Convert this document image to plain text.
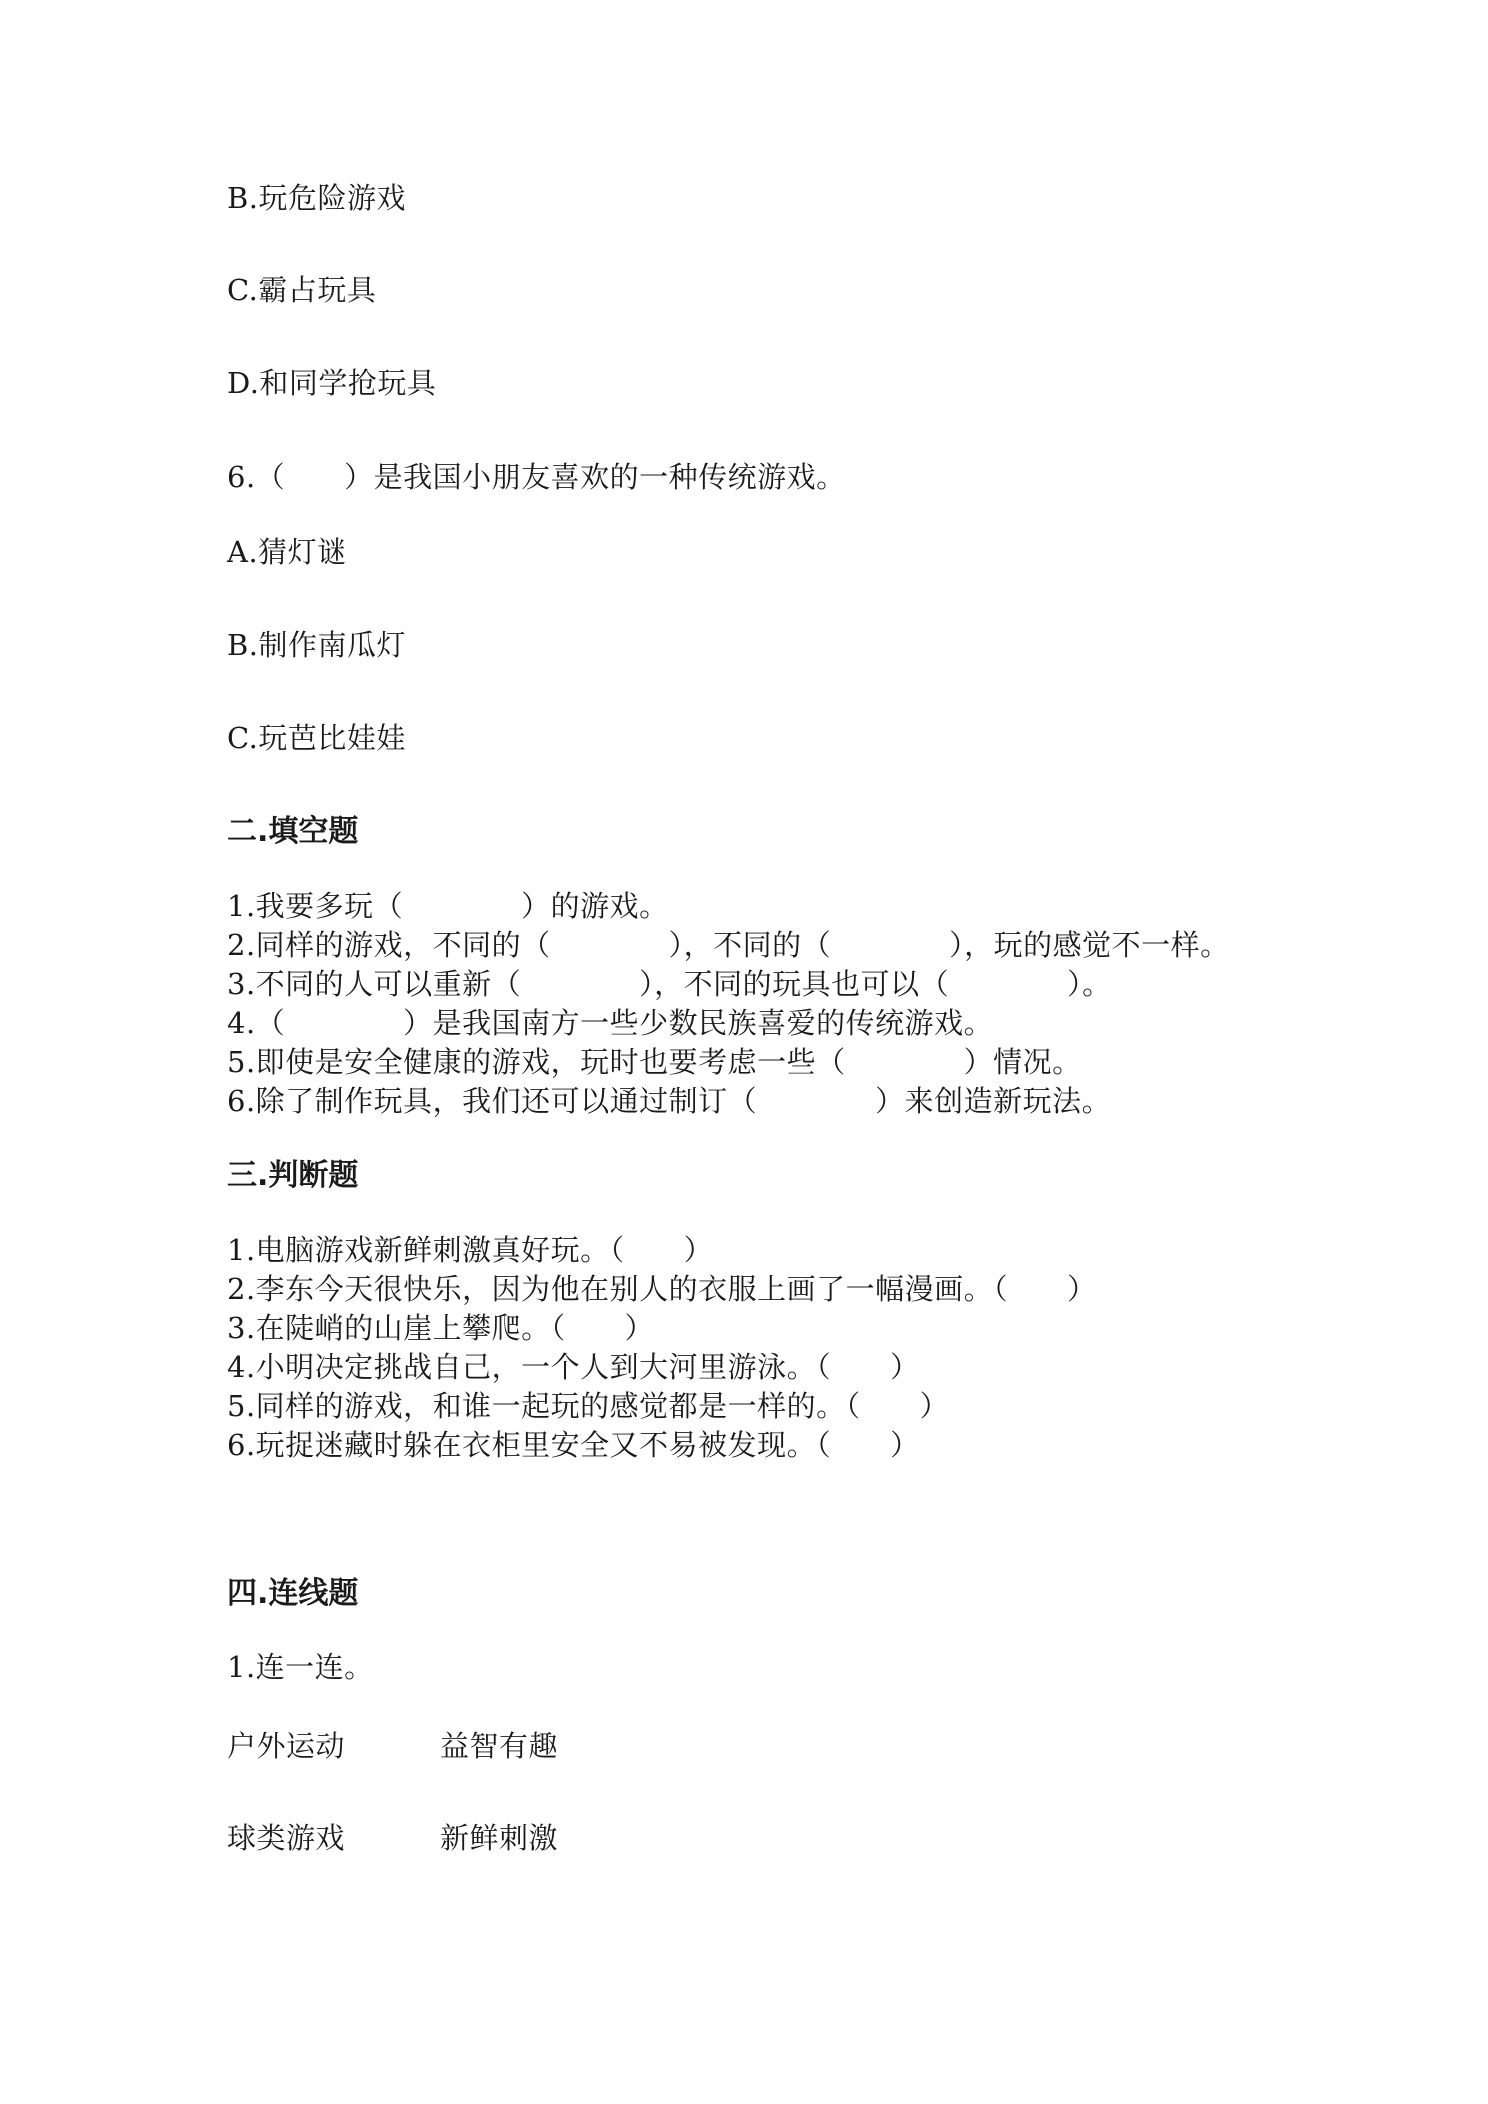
B.玩危险游戏
C.霸占玩具
D.和同学抢玩具
6.（　　）是我国小朋友喜欢的一种传统游戏。
A.猜灯谜
B.制作南瓜灯
C.玩芭比娃娃
二.填空题
1.我要多玩（　　　　）的游戏。
2.同样的游戏，不同的（　　　　），不同的（　　　　），玩的感觉不一样。
3.不同的人可以重新（　　　　），不同的玩具也可以（　　　　）。
4.（　　　　）是我国南方一些少数民族喜爱的传统游戏。
5.即使是安全健康的游戏，玩时也要考虑一些（　　　　）情况。
6.除了制作玩具，我们还可以通过制订（　　　　）来创造新玩法。
三.判断题
1.电脑游戏新鲜刺激真好玩。（　　）
2.李东今天很快乐，因为他在别人的衣服上画了一幅漫画。（　　）
3.在陡峭的山崖上攀爬。（　　）
4.小明决定挑战自己，一个人到大河里游泳。（　　）
5.同样的游戏，和谁一起玩的感觉都是一样的。（　　）
6.玩捉迷藏时躲在衣柜里安全又不易被发现。（　　）
四.连线题
1.连一连。
户外运动	益智有趣
球类游戏	新鲜刺激
